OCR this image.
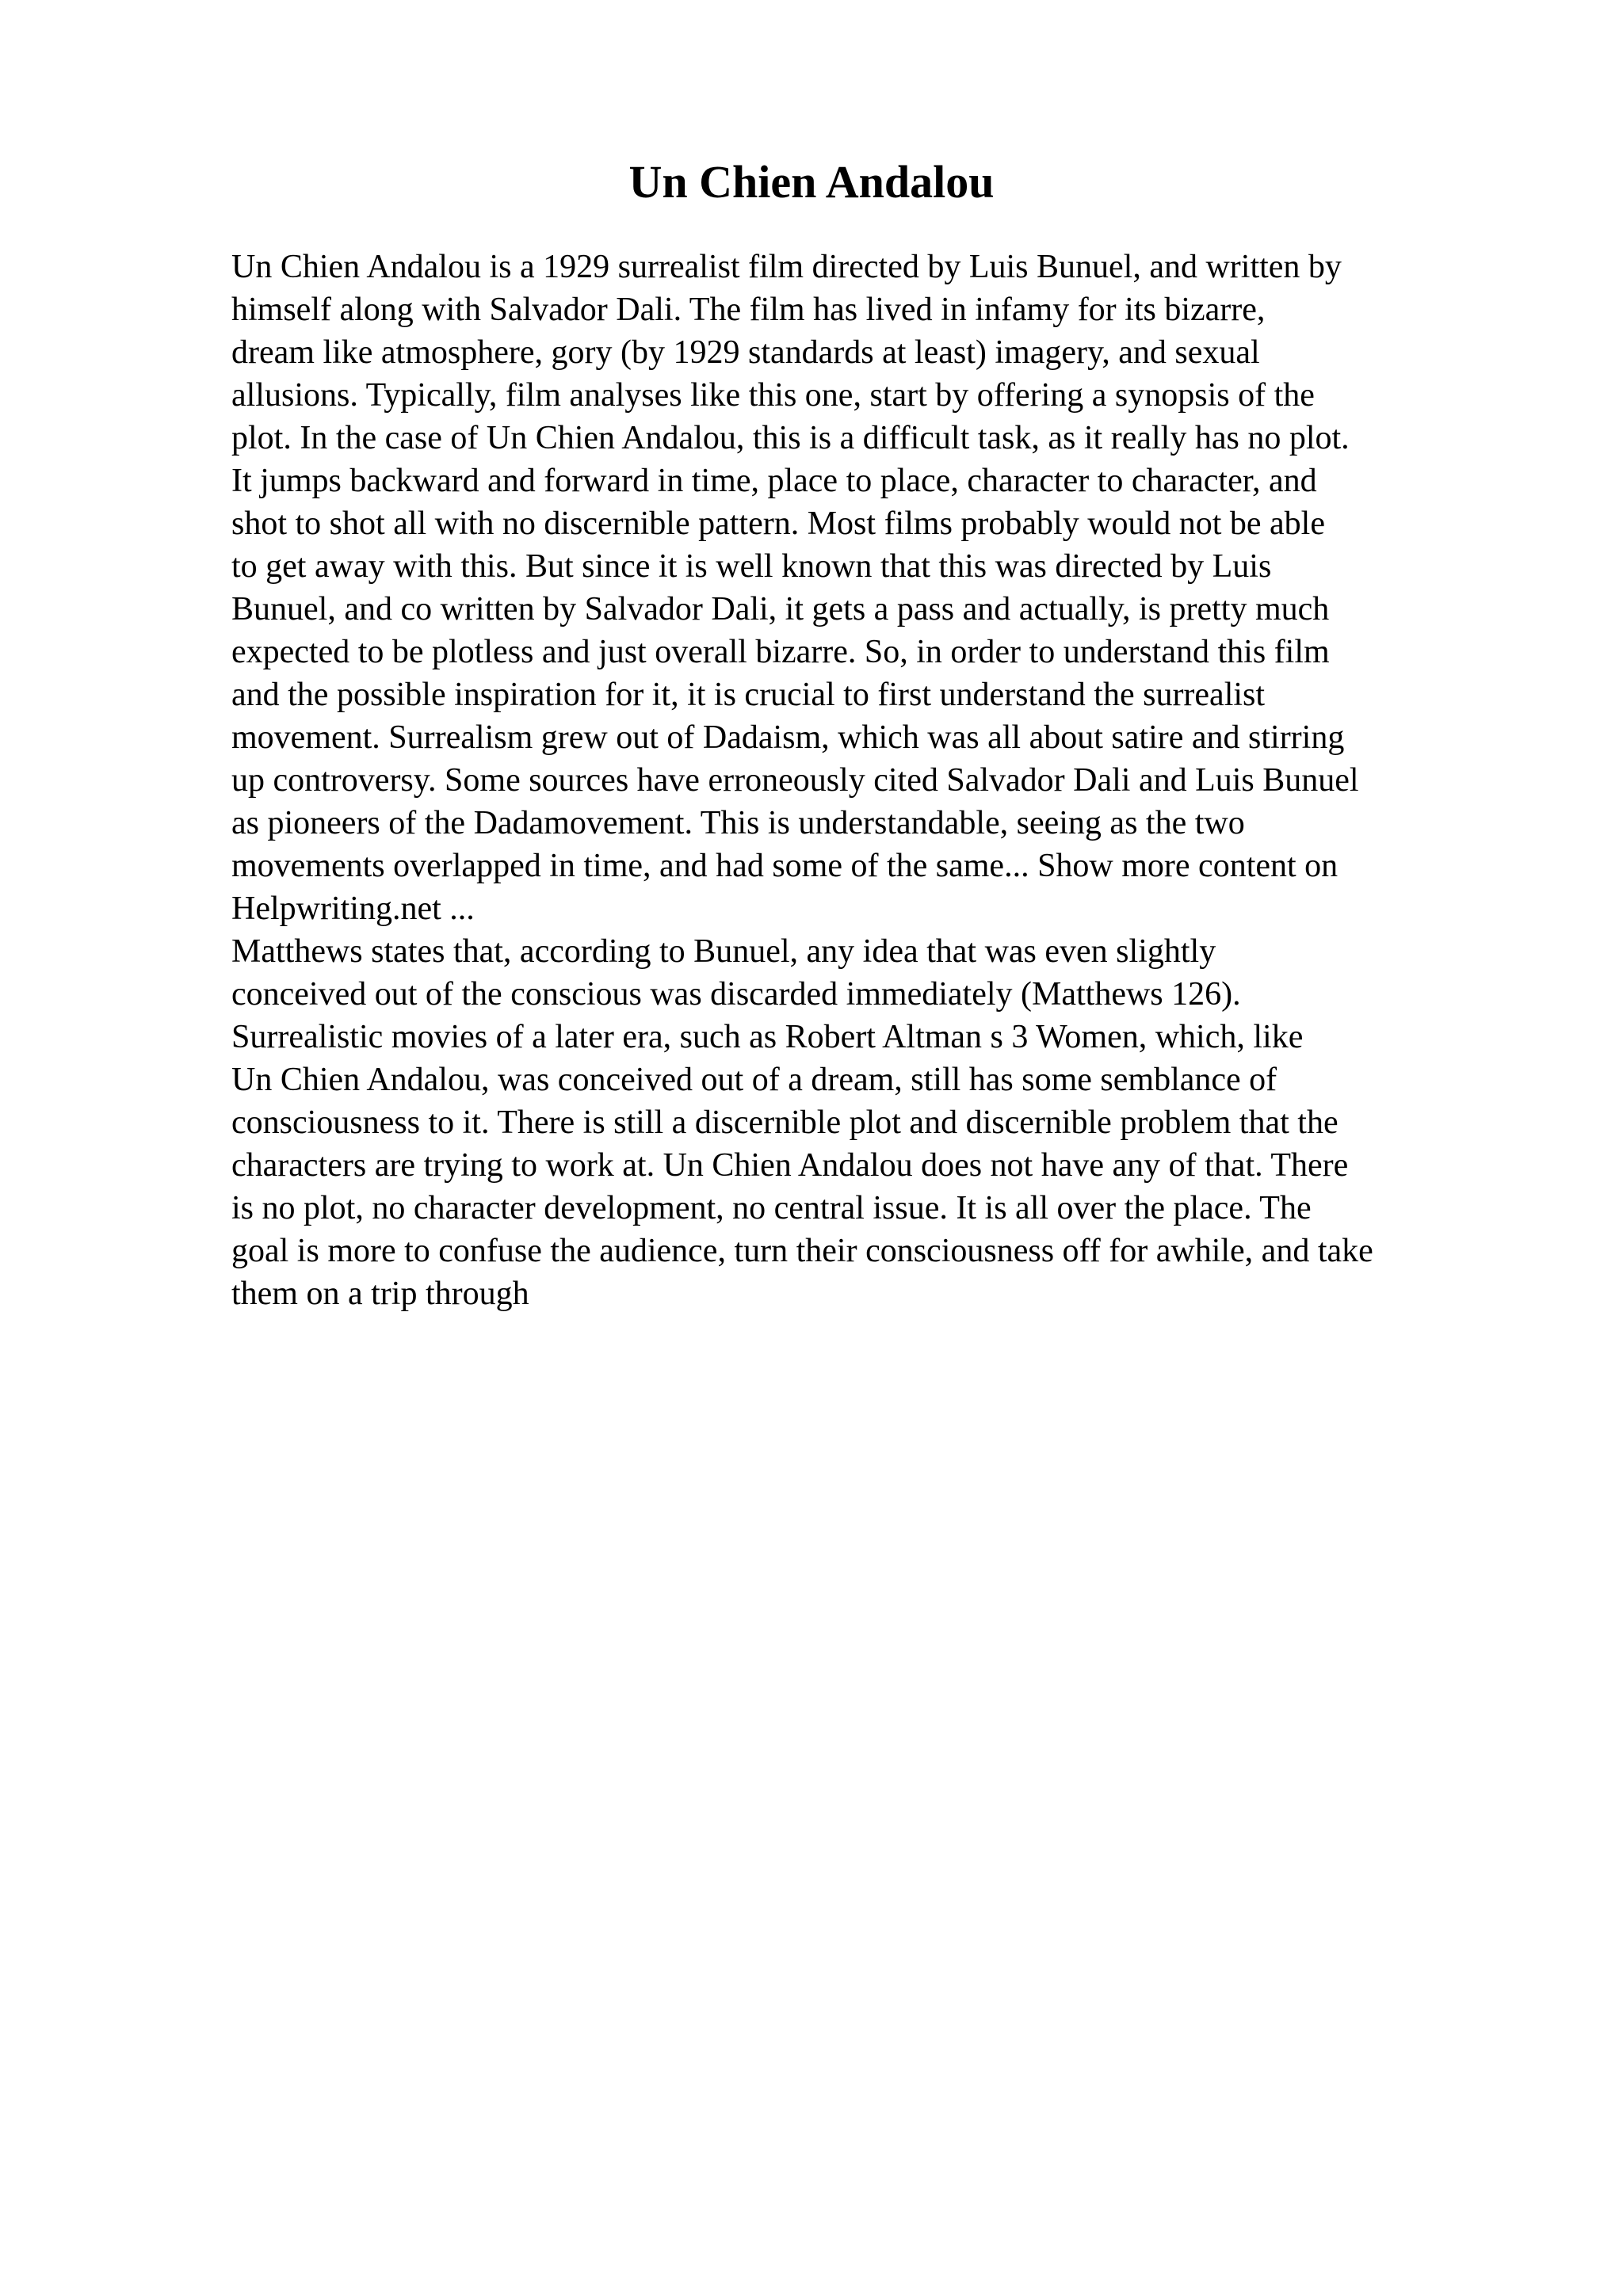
Un Chien Andalou
Un Chien Andalou is a 1929 surrealist film directed by Luis Bunuel, and written by
himself along with Salvador Dali. The film has lived in infamy for its bizarre,
dream like atmosphere, gory (by 1929 standards at least) imagery, and sexual
allusions. Typically, film analyses like this one, start by offering a synopsis of the
plot. In the case of Un Chien Andalou, this is a difficult task, as it really has no plot.
It jumps backward and forward in time, place to place, character to character, and
shot to shot all with no discernible pattern. Most films probably would not be able
to get away with this. But since it is well known that this was directed by Luis
Bunuel, and co written by Salvador Dali, it gets a pass and actually, is pretty much
expected to be plotless and just overall bizarre. So, in order to understand this film
and the possible inspiration for it, it is crucial to first understand the surrealist
movement. Surrealism grew out of Dadaism, which was all about satire and stirring
up controversy. Some sources have erroneously cited Salvador Dali and Luis Bunuel
as pioneers of the Dadamovement. This is understandable, seeing as the two
movements overlapped in time, and had some of the same... Show more content on
Helpwriting.net ...
Matthews states that, according to Bunuel, any idea that was even slightly
conceived out of the conscious was discarded immediately (Matthews 126).
Surrealistic movies of a later era, such as Robert Altman s 3 Women, which, like
Un Chien Andalou, was conceived out of a dream, still has some semblance of
consciousness to it. There is still a discernible plot and discernible problem that the
characters are trying to work at. Un Chien Andalou does not have any of that. There
is no plot, no character development, no central issue. It is all over the place. The
goal is more to confuse the audience, turn their consciousness off for awhile, and take
them on a trip through
